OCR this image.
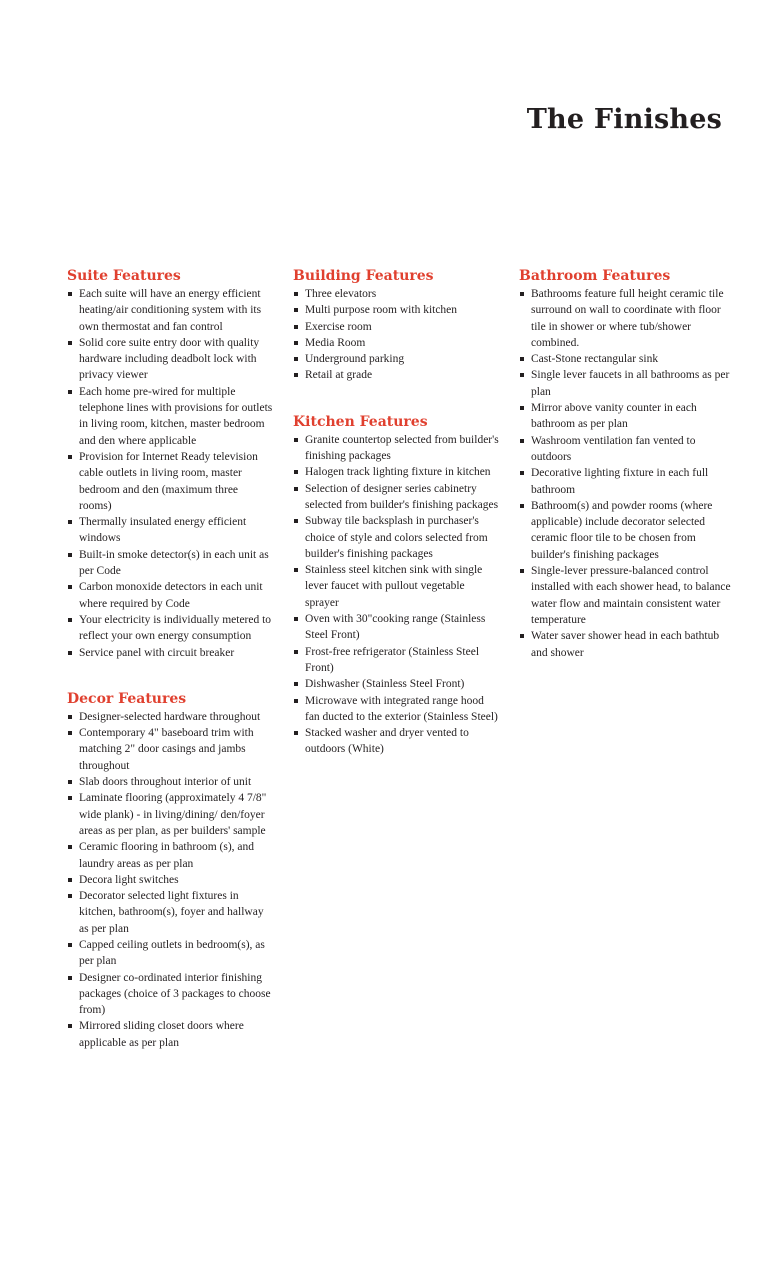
The Finishes
Suite Features
Each suite will have an energy efficient heating/air conditioning system with its own thermostat and fan control
Solid core suite entry door with quality hardware including deadbolt lock with privacy viewer
Each home pre-wired for multiple telephone lines with provisions for outlets in living room, kitchen, master bedroom and den where applicable
Provision for Internet Ready television cable outlets in living room, master bedroom and den (maximum three rooms)
Thermally insulated energy efficient windows
Built-in smoke detector(s) in each unit as per Code
Carbon monoxide detectors in each unit where required by Code
Your electricity is individually metered to reflect your own energy consumption
Service panel with circuit breaker
Decor Features
Designer-selected hardware throughout
Contemporary 4" baseboard trim with matching 2" door casings and jambs throughout
Slab doors throughout interior of unit
Laminate flooring (approximately 4 7/8" wide plank) - in living/dining/ den/foyer areas as per plan, as per builders' sample
Ceramic flooring in bathroom (s), and laundry areas as per plan
Decora light switches
Decorator selected light fixtures in kitchen, bathroom(s), foyer and hallway as per plan
Capped ceiling outlets in bedroom(s), as per plan
Designer co-ordinated interior finishing packages (choice of 3 packages to choose from)
Mirrored sliding closet doors where applicable as per plan
Building Features
Three elevators
Multi purpose room with kitchen
Exercise room
Media Room
Underground parking
Retail at grade
Kitchen Features
Granite countertop selected from builder's finishing packages
Halogen track lighting fixture in kitchen
Selection of designer series cabinetry selected from builder's finishing packages
Subway tile backsplash in purchaser's choice of style and colors selected from builder's finishing packages
Stainless steel kitchen sink with single lever faucet with pullout vegetable sprayer
Oven with 30"cooking range (Stainless Steel Front)
Frost-free refrigerator (Stainless Steel Front)
Dishwasher (Stainless Steel Front)
Microwave with integrated range hood fan ducted to the exterior (Stainless Steel)
Stacked washer and dryer vented to outdoors (White)
Bathroom Features
Bathrooms feature full height ceramic tile surround on wall to coordinate with floor tile in shower or where tub/shower combined.
Cast-Stone rectangular sink
Single lever faucets in all bathrooms as per plan
Mirror above vanity counter in each bathroom as per plan
Washroom ventilation fan vented to outdoors
Decorative lighting fixture in each full bathroom
Bathroom(s) and powder rooms (where applicable) include decorator selected ceramic floor tile to be chosen from builder's finishing packages
Single-lever pressure-balanced control installed with each shower head, to balance water flow and maintain consistent water temperature
Water saver shower head in each bathtub and shower
